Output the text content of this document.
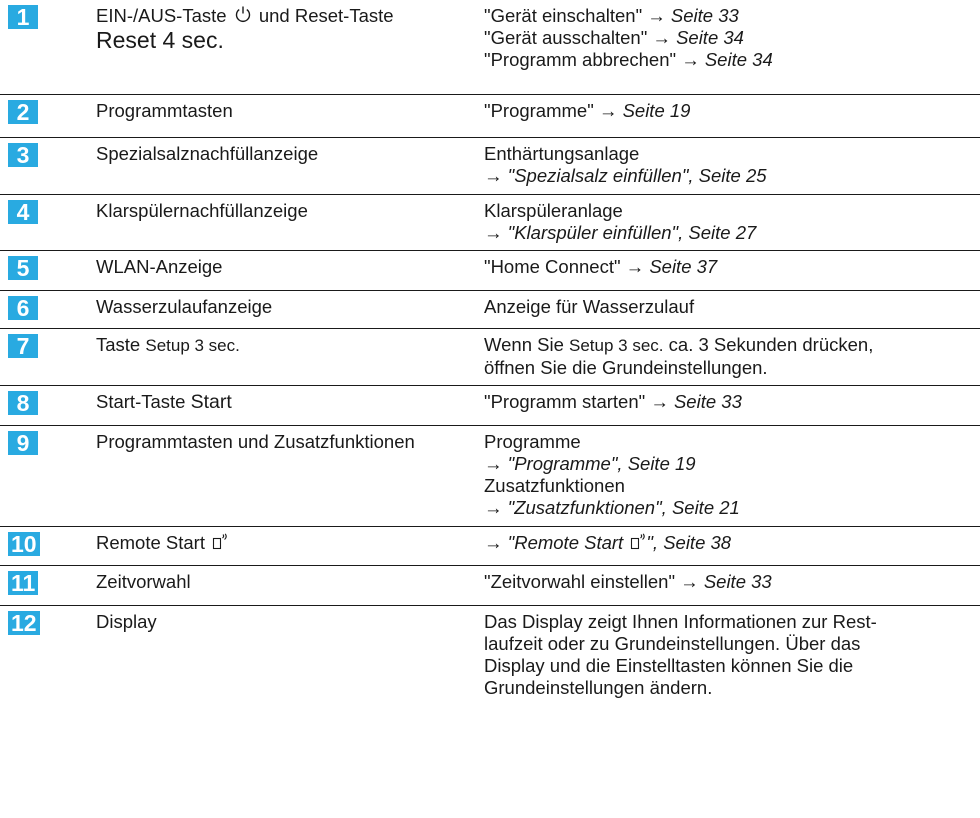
1	EIN-/AUS-Taste und Reset-Taste
Reset 4 sec.
"Gerät einschalten" → Seite 33
"Gerät ausschalten" → Seite 34
"Programm abbrechen" → Seite 34
2	Programmtasten	"Programme" → Seite 19
3	Spezialsalznachfüllanzeige	Enthärtungsanlage
→ "Spezialsalz einfüllen", Seite 25
4	Klarspülernachfüllanzeige	Klarspüleranlage
→ "Klarspüler einfüllen", Seite 27
5	WLAN-Anzeige	"Home Connect" → Seite 37
6	Wasserzulaufanzeige	Anzeige für Wasserzulauf
7	Taste Setup 3 sec.	Wenn Sie Setup 3 sec. ca. 3 Sekunden drücken,
öffnen Sie die Grundeinstellungen.
8	Start-Taste Start	"Programm starten" → Seite 33
9	Programmtasten und Zusatzfunktionen	Programme
→ "Programme", Seite 19
Zusatzfunktionen
→ "Zusatzfunktionen", Seite 21
10	Remote Start	→ "Remote Start ", Seite 38
11	Zeitvorwahl	"Zeitvorwahl einstellen" → Seite 33
12	Display	Das Display zeigt Ihnen Informationen zur Rest-
laufzeit oder zu Grundeinstellungen. Über das
Display und die Einstelltasten können Sie die
Grundeinstellungen ändern.
